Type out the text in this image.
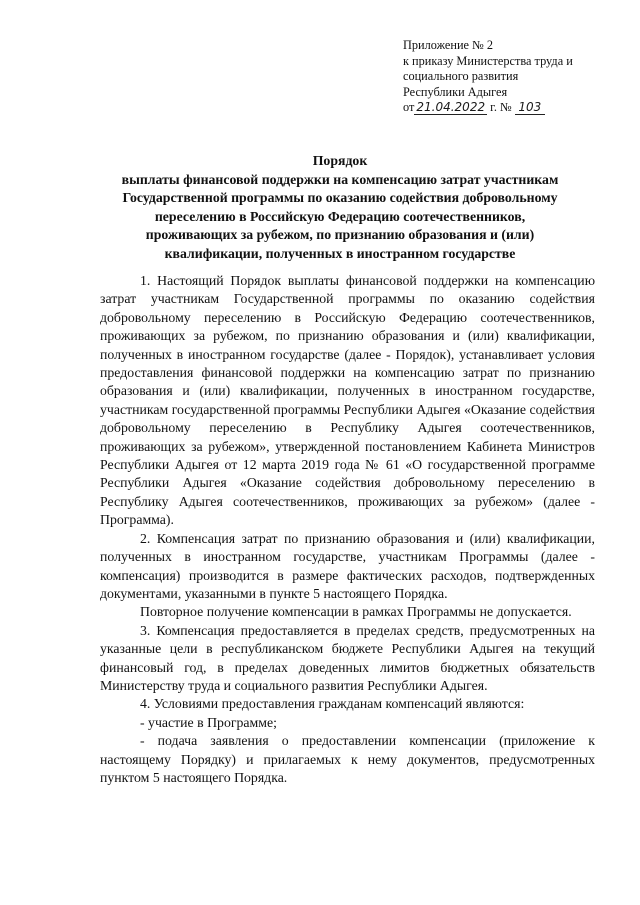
Приложение № 2
к приказу Министерства труда и
социального развития
Республики Адыгея
от 21.04.2022 г. № 103
Порядок
выплаты финансовой поддержки на компенсацию затрат участникам
Государственной программы по оказанию содействия добровольному
переселению в Российскую Федерацию соотечественников,
проживающих за рубежом, по признанию образования и (или)
квалификации, полученных в иностранном государстве

1. Настоящий Порядок выплаты финансовой поддержки на компенсацию затрат участникам Государственной программы по оказанию содействия добровольному переселению в Российскую Федерацию соотечественников, проживающих за рубежом, по признанию образования и (или) квалификации, полученных в иностранном государстве (далее - Порядок), устанавливает условия предоставления финансовой поддержки на компенсацию затрат по признанию образования и (или) квалификации, полученных в иностранном государстве, участникам государственной программы Республики Адыгея «Оказание содействия добровольному переселению в Республику Адыгея соотечественников, проживающих за рубежом», утвержденной постановлением Кабинета Министров Республики Адыгея от 12 марта 2019 года № 61 «О государственной программе Республики Адыгея «Оказание содействия добровольному переселению в Республику Адыгея соотечественников, проживающих за рубежом» (далее - Программа).

2. Компенсация затрат по признанию образования и (или) квалификации, полученных в иностранном государстве, участникам Программы (далее - компенсация) производится в размере фактических расходов, подтвержденных документами, указанными в пункте 5 настоящего Порядка.

Повторное получение компенсации в рамках Программы не допускается.

3. Компенсация предоставляется в пределах средств, предусмотренных на указанные цели в республиканском бюджете Республики Адыгея на текущий финансовый год, в пределах доведенных лимитов бюджетных обязательств Министерству труда и социального развития Республики Адыгея.

4. Условиями предоставления гражданам компенсаций являются:

- участие в Программе;

- подача заявления о предоставлении компенсации (приложение к настоящему Порядку) и прилагаемых к нему документов, предусмотренных пунктом 5 настоящего Порядка.
